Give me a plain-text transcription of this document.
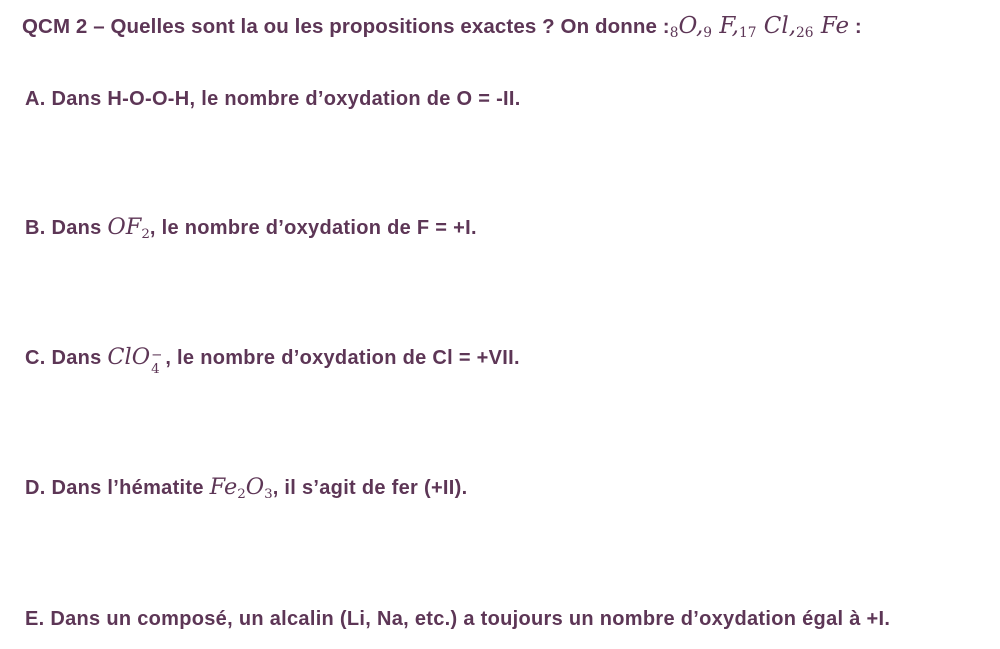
QCM 2 – Quelles sont la ou les propositions exactes ? On donne $:_8O,_9$ $F,_{17}$ $Cl,_{26}$ Fe :
A. Dans H-O-O-H, le nombre d’oxydation de O = -II.
B. Dans $OF_2$, le nombre d’oxydation de F = +I.
C. Dans ClO −
4
, le nombre d’oxydation de Cl = +VII.
D. Dans l’hématite $Fe_2O_3$, il s’agit de fer (+II).
E. Dans un composé, un alcalin (Li, Na, etc.) a toujours un nombre d’oxydation égal à +I.
